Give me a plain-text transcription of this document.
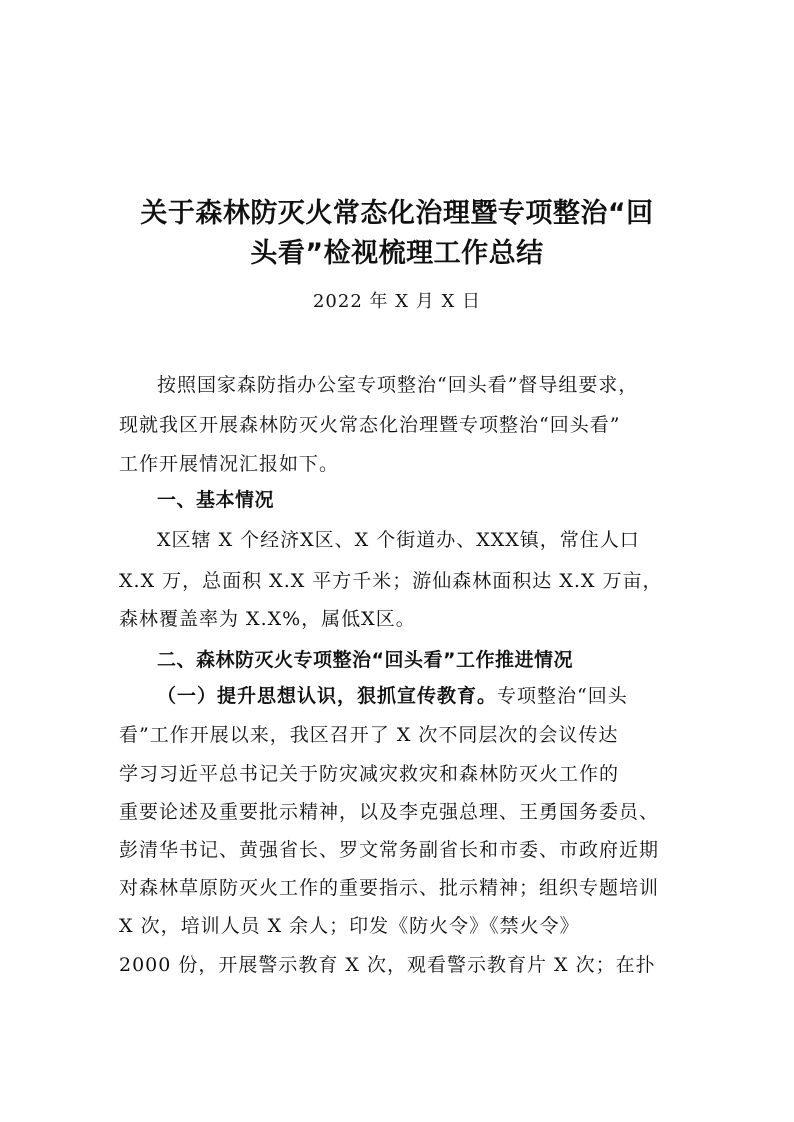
关于森林防灭火常态化治理暨专项整治“回
头看”检视梳理工作总结
2022 年 X 月 X 日
按照国家森防指办公室专项整治“回头看”督导组要求，
现就我区开展森林防灭火常态化治理暨专项整治“回头看”
工作开展情况汇报如下。
一、基本情况
X区辖 X 个经济X区、X 个街道办、XXX镇，常住人口
X.X 万，总面积 X.X 平方千米；游仙森林面积达 X.X 万亩，
森林覆盖率为 X.X%，属低X区。
二、森林防灭火专项整治“回头看”工作推进情况
（一）提升思想认识，狠抓宣传教育。专项整治“回头
看”工作开展以来，我区召开了 X 次不同层次的会议传达
学习习近平总书记关于防灾减灾救灾和森林防灭火工作的
重要论述及重要批示精神，以及李克强总理、王勇国务委员、
彭清华书记、黄强省长、罗文常务副省长和市委、市政府近期
对森林草原防灭火工作的重要指示、批示精神；组织专题培训
X 次，培训人员 X 余人；印发《防火令》《禁火令》
2000 份，开展警示教育 X 次，观看警示教育片 X 次；在扑
